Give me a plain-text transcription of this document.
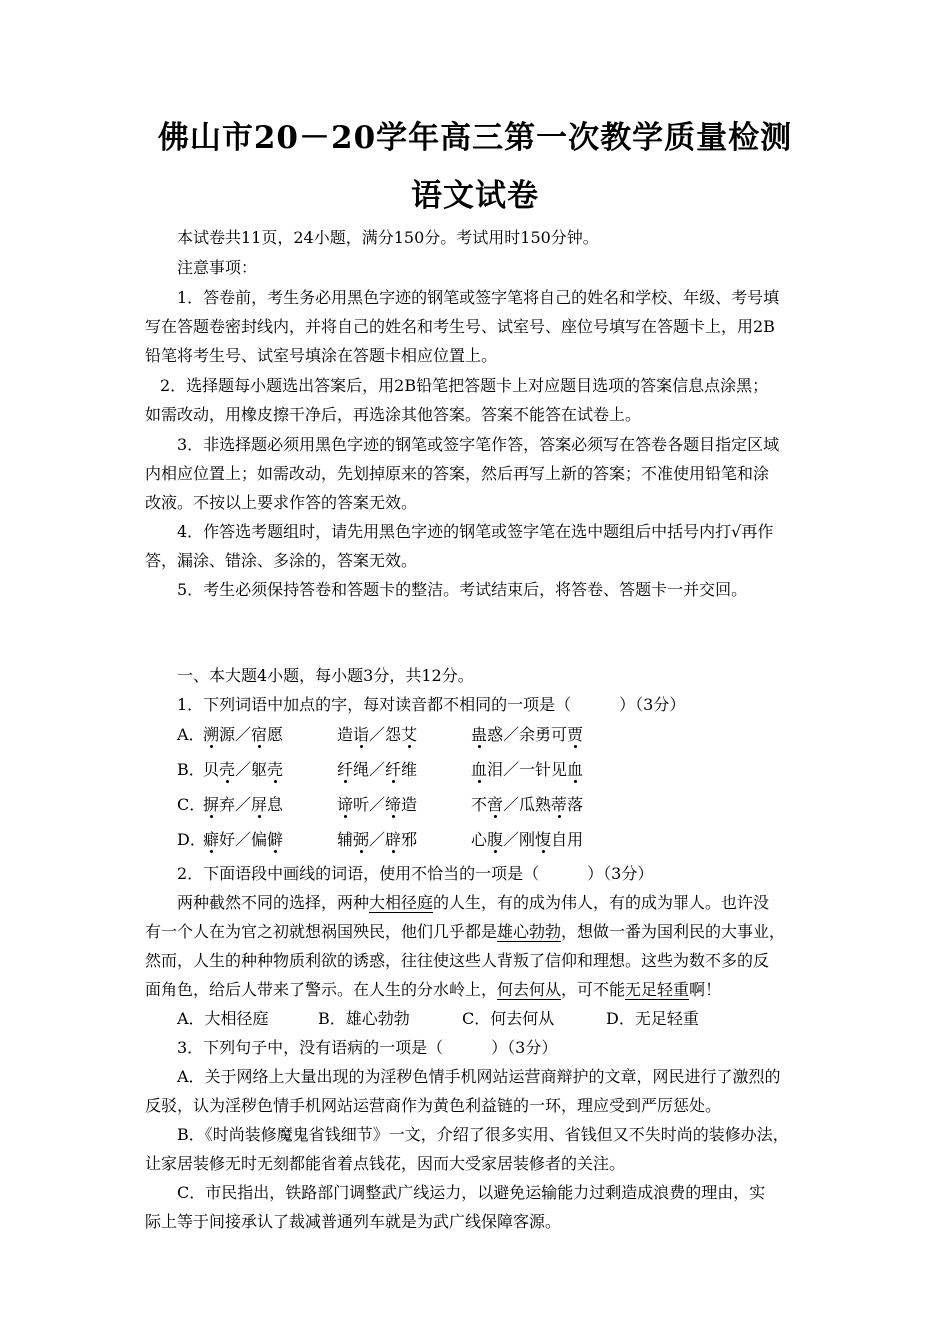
佛山市20－20学年高三第一次教学质量检测
语文试卷
本试卷共11页，24小题，满分150分。考试用时150分钟。
注意事项：
1．答卷前，考生务必用黑色字迹的钢笔或签字笔将自己的姓名和学校、年级、考号填
写在答题卷密封线内，并将自己的姓名和考生号、试室号、座位号填写在答题卡上，用2B
铅笔将考生号、试室号填涂在答题卡相应位置上。
2．选择题每小题选出答案后，用2B铅笔把答题卡上对应题目选项的答案信息点涂黑；
如需改动，用橡皮擦干净后，再选涂其他答案。答案不能答在试卷上。
3．非选择题必须用黑色字迹的钢笔或签字笔作答，答案必须写在答卷各题目指定区域
内相应位置上；如需改动，先划掉原来的答案，然后再写上新的答案；不准使用铅笔和涂
改液。不按以上要求作答的答案无效。
4．作答选考题组时，请先用黑色字迹的钢笔或签字笔在选中题组后中括号内打√再作
答，漏涂、错涂、多涂的，答案无效。
5．考生必须保持答卷和答题卡的整洁。考试结束后，将答卷、答题卡一并交回。
一、本大题4小题，每小题3分，共12分。
1．下列词语中加点的字，每对读音都不相同的一项是（　　　）（3分）
A．
溯源／宿愿	造诣／怨艾	蛊惑／余勇可贾
B．
贝壳／躯壳	纤绳／纤维	血泪／一针见血
C．
摒弃／屏息	谛听／缔造	不啻／瓜熟蒂落
D．
癖好／偏僻	辅弼／辟邪	心腹／刚愎自用
2．下面语段中画线的词语，使用不恰当的一项是（　　　）（3分）
两种截然不同的选择，两种大相径庭的人生，有的成为伟人，有的成为罪人。也许没
有一个人在为官之初就想祸国殃民，他们几乎都是雄心勃勃，想做一番为国利民的大事业，
然而，人生的种种物质利欲的诱惑，往往使这些人背叛了信仰和理想。这些为数不多的反
面角色，给后人带来了警示。在人生的分水岭上，何去何从，可不能无足轻重啊！
A．大相径庭	B．雄心勃勃	C．何去何从	D．无足轻重
3．下列句子中，没有语病的一项是（　　　）（3分）
A．关于网络上大量出现的为淫秽色情手机网站运营商辩护的文章，网民进行了激烈的
反驳，认为淫秽色情手机网站运营商作为黄色利益链的一环，理应受到严厉惩处。
B．《时尚装修魔鬼省钱细节》一文，介绍了很多实用、省钱但又不失时尚的装修办法，
让家居装修无时无刻都能省着点钱花，因而大受家居装修者的关注。
C．市民指出，铁路部门调整武广线运力，以避免运输能力过剩造成浪费的理由，实
际上等于间接承认了裁减普通列车就是为武广线保障客源。
